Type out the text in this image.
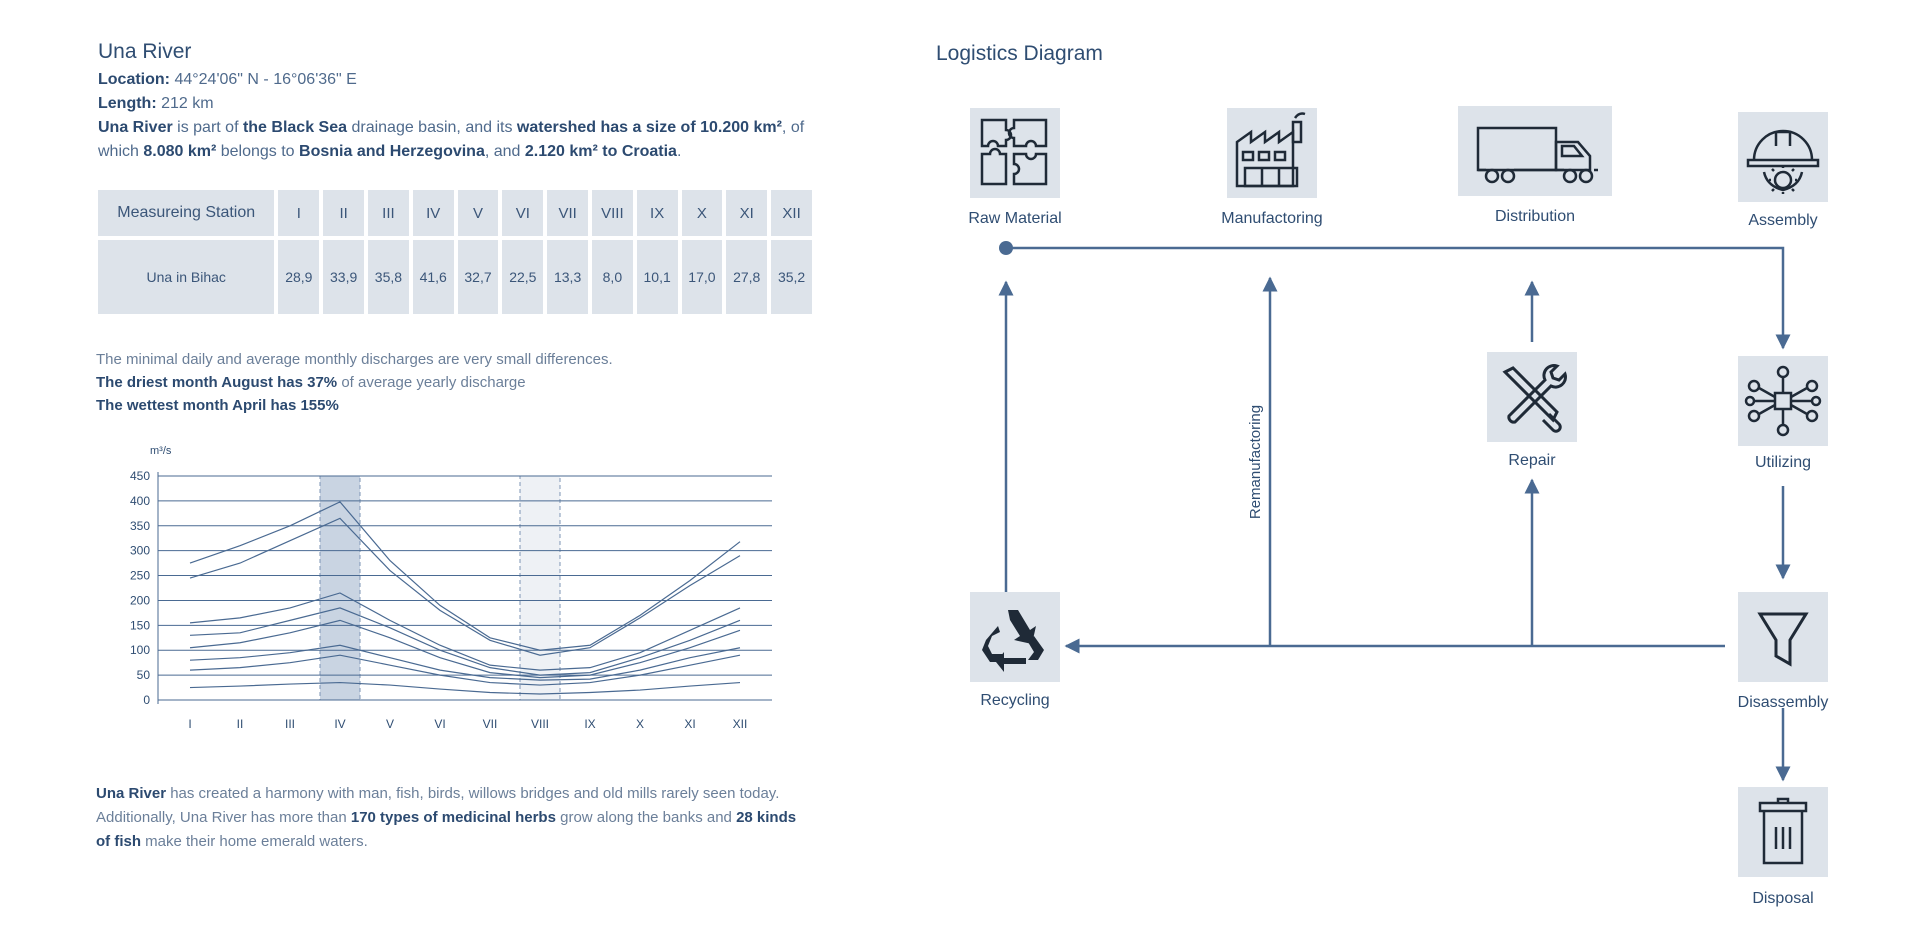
Una River

Location: 44°24'06" N - 16°06'36" E

Length: 212 km

Una River is part of the Black Sea drainage basin, and its watershed has a size of 10.200 km², of which 8.080 km² belongs to Bosnia and Herzegovina, and 2.120 km² to Croatia.

Measureing Station	I	II	III	IV	V	VI	VII	VIII	IX	X	XI	XII
Una in Bihac	28,9	33,9	35,8	41,6	32,7	22,5	13,3	8,0	10,1	17,0	27,8	35,2

The minimal daily and average monthly discharges are very small differences.

The driest month August has 37% of average yearly discharge

The wettest month April has 155%

0
50
100
150
200
250
300
350
400
450
m³/s
I	II	III	IV	V	VI	VII	VIII	IX	X	XI	XII
Una River has created a harmony with man, fish, birds, willows bridges and old mills rarely seen today. Additionally, Una River has more than 170 types of medicinal herbs grow along the banks and 28 kinds of fish make their home emerald waters.
Logistics Diagram
Remanufactoring
Raw Material	Manufactoring	Distribution	Assembly
Repair	Utilizing
Recycling	Disassembly
Disposal
